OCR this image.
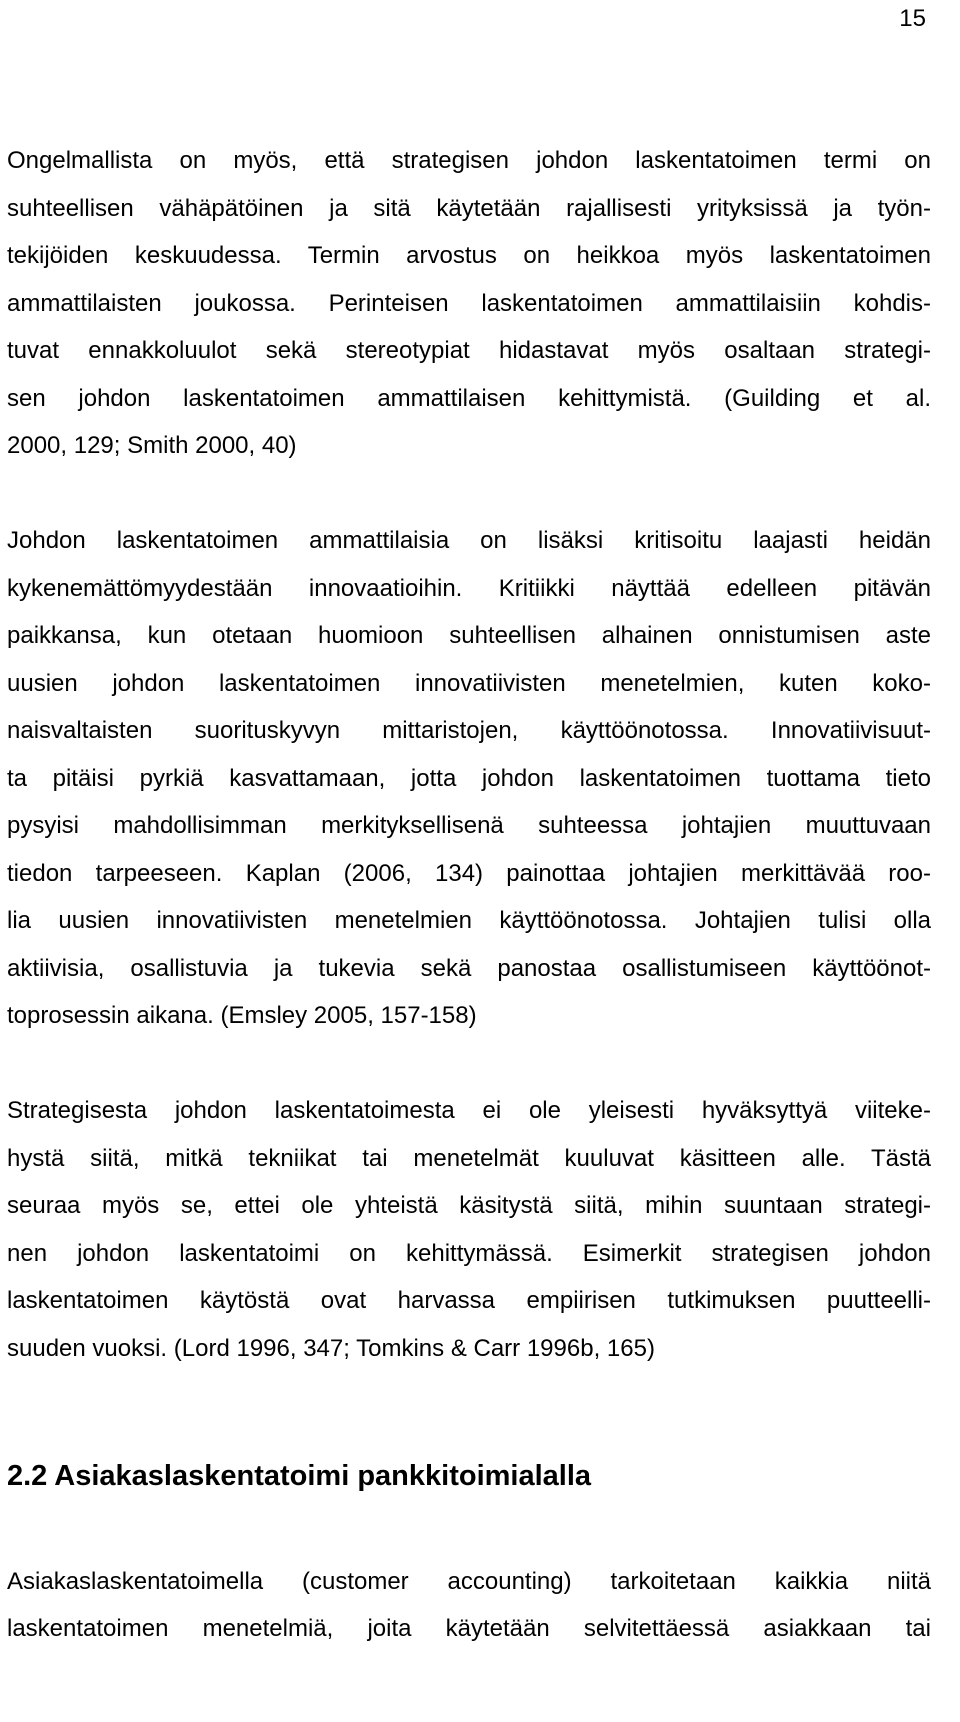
15
Ongelmallista on myös, että strategisen johdon laskentatoimen termi on
suhteellisen vähäpätöinen ja sitä käytetään rajallisesti yrityksissä ja työn-
tekijöiden keskuudessa. Termin arvostus on heikkoa myös laskentatoimen
ammattilaisten joukossa. Perinteisen laskentatoimen ammattilaisiin kohdis-
tuvat ennakkoluulot sekä stereotypiat hidastavat myös osaltaan strategi-
sen johdon laskentatoimen ammattilaisen kehittymistä. (Guilding et al.
2000, 129; Smith 2000, 40)
Johdon laskentatoimen ammattilaisia on lisäksi kritisoitu laajasti heidän
kykenemättömyydestään innovaatioihin. Kritiikki näyttää edelleen pitävän
paikkansa, kun otetaan huomioon suhteellisen alhainen onnistumisen aste
uusien johdon laskentatoimen innovatiivisten menetelmien, kuten koko-
naisvaltaisten suorituskyvyn mittaristojen, käyttöönotossa. Innovatiivisuut-
ta pitäisi pyrkiä kasvattamaan, jotta johdon laskentatoimen tuottama tieto
pysyisi mahdollisimman merkityksellisenä suhteessa johtajien muuttuvaan
tiedon tarpeeseen. Kaplan (2006, 134) painottaa johtajien merkittävää roo-
lia uusien innovatiivisten menetelmien käyttöönotossa. Johtajien tulisi olla
aktiivisia, osallistuvia ja tukevia sekä panostaa osallistumiseen käyttöönot-
toprosessin aikana. (Emsley 2005, 157-158)
Strategisesta johdon laskentatoimesta ei ole yleisesti hyväksyttyä viiteke-
hystä siitä, mitkä tekniikat tai menetelmät kuuluvat käsitteen alle. Tästä
seuraa myös se, ettei ole yhteistä käsitystä siitä, mihin suuntaan strategi-
nen johdon laskentatoimi on kehittymässä. Esimerkit strategisen johdon
laskentatoimen käytöstä ovat harvassa empiirisen tutkimuksen puutteelli-
suuden vuoksi. (Lord 1996, 347; Tomkins & Carr 1996b, 165)
2.2 Asiakaslaskentatoimi pankkitoimialalla
Asiakaslaskentatoimella (customer accounting) tarkoitetaan kaikkia niitä
laskentatoimen menetelmiä, joita käytetään selvitettäessä asiakkaan tai
